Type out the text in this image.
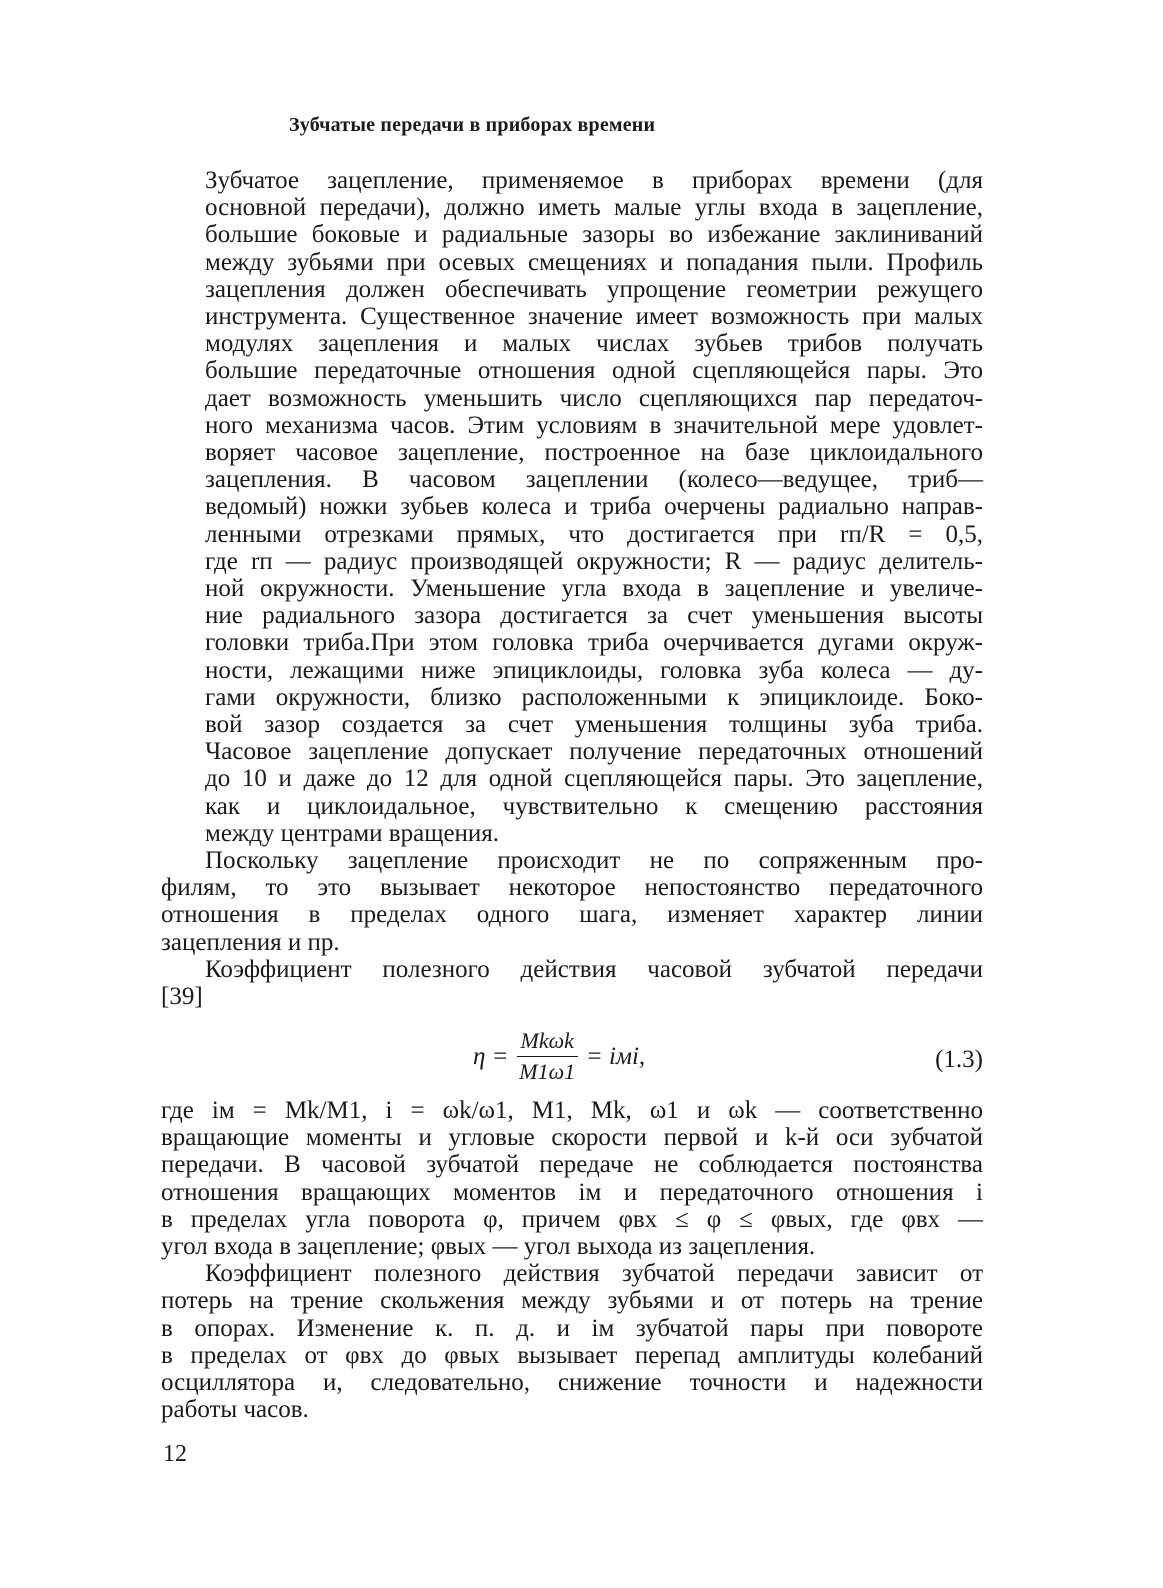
Зубчатые передачи в приборах времени

Зубчатое зацепление, применяемое в приборах времени (для
основной передачи), должно иметь малые углы входа в зацепление,
большие боковые и радиальные зазоры во избежание заклиниваний
между зубьями при осевых смещениях и попадания пыли. Профиль
зацепления должен обеспечивать упрощение геометрии режущего
инструмента. Существенное значение имеет возможность при малых
модулях зацепления и малых числах зубьев трибов получать
большие передаточные отношения одной сцепляющейся пары. Это
дает возможность уменьшить число сцепляющихся пар передаточ-
ного механизма часов. Этим условиям в значительной мере удовлет-
воряет часовое зацепление, построенное на базе циклоидального
зацепления. В часовом зацеплении (колесо—ведущее, триб—
ведомый) ножки зубьев колеса и триба очерчены радиально направ-
ленными отрезками прямых, что достигается при rп/R = 0,5,
где rп — радиус производящей окружности; R — радиус делитель-
ной окружности. Уменьшение угла входа в зацепление и увеличе-
ние радиального зазора достигается за счет уменьшения высоты
головки триба.При этом головка триба очерчивается дугами окруж-
ности, лежащими ниже эпициклоиды, головка зуба колеса — ду-
гами окружности, близко расположенными к эпициклоиде. Боко-
вой зазор создается за счет уменьшения толщины зуба триба.
Часовое зацепление допускает получение передаточных отношений
до 10 и даже до 12 для одной сцепляющейся пары. Это зацепление,
как и циклоидальное, чувствительно к смещению расстояния
между центрами вращения.

Поскольку зацепление происходит не по сопряженным про-
филям, то это вызывает некоторое непостоянство передаточного
отношения в пределах одного шага, изменяет характер линии
зацепления и пр.

Коэффициент полезного действия часовой зубчатой передачи
[39]

$\eta = \frac{\text{Mkωk}}{M1\omega 1}$ = iмi,	(1.3)

где iм = Mk/M1, i = ωk/ω1, M1, Mk, ω1 и ωk — соответственно
вращающие моменты и угловые скорости первой и k-й оси зубчатой
передачи. В часовой зубчатой передаче не соблюдается постоянства
отношения вращающих моментов iм и передаточного отношения i
в пределах угла поворота φ, причем φвх ≤ φ ≤ φвых, где φвх —
угол входа в зацепление; φвых — угол выхода из зацепления.

Коэффициент полезного действия зубчатой передачи зависит от
потерь на трение скольжения между зубьями и от потерь на трение
в опорах. Изменение к. п. д. и iм зубчатой пары при повороте
в пределах от φвх до φвых вызывает перепад амплитуды колебаний
осциллятора и, следовательно, снижение точности и надежности
работы часов.

12
